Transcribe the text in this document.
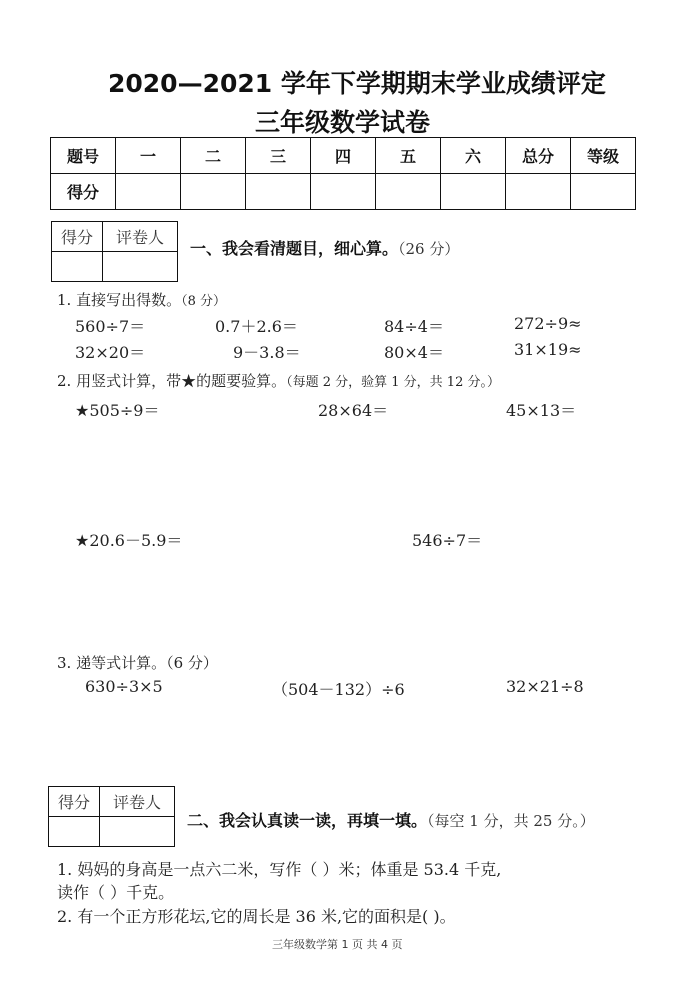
2020—2021 学年下学期期末学业成绩评定
三年级数学试卷
题号	一	二	三	四	五	六	总分	等级
得分								
得分	评卷人

一、我会看清题目，细心算。（26 分）
1. 直接写出得数。（8 分）
560÷7＝	0.7＋2.6＝	84÷4＝	272÷9≈
32×20＝	9－3.8＝	80×4＝	31×19≈
2. 用竖式计算，带★的题要验算。（每题 2 分，验算 1 分，共 12 分。）
★505÷9＝	28×64＝	45×13＝
★20.6－5.9＝	546÷7＝
3. 递等式计算。（6 分）
630÷3×5	（504－132）÷6	32×21÷8
得分	评卷人

二、我会认真读一读，再填一填。（每空 1 分，共 25 分。）
1. 妈妈的身高是一点六二米，写作（ ）米；体重是 53.4 千克,
读作（ ）千克。
2. 有一个正方形花坛,它的周长是 36 米,它的面积是( )。
三年级数学第 1 页 共 4 页
